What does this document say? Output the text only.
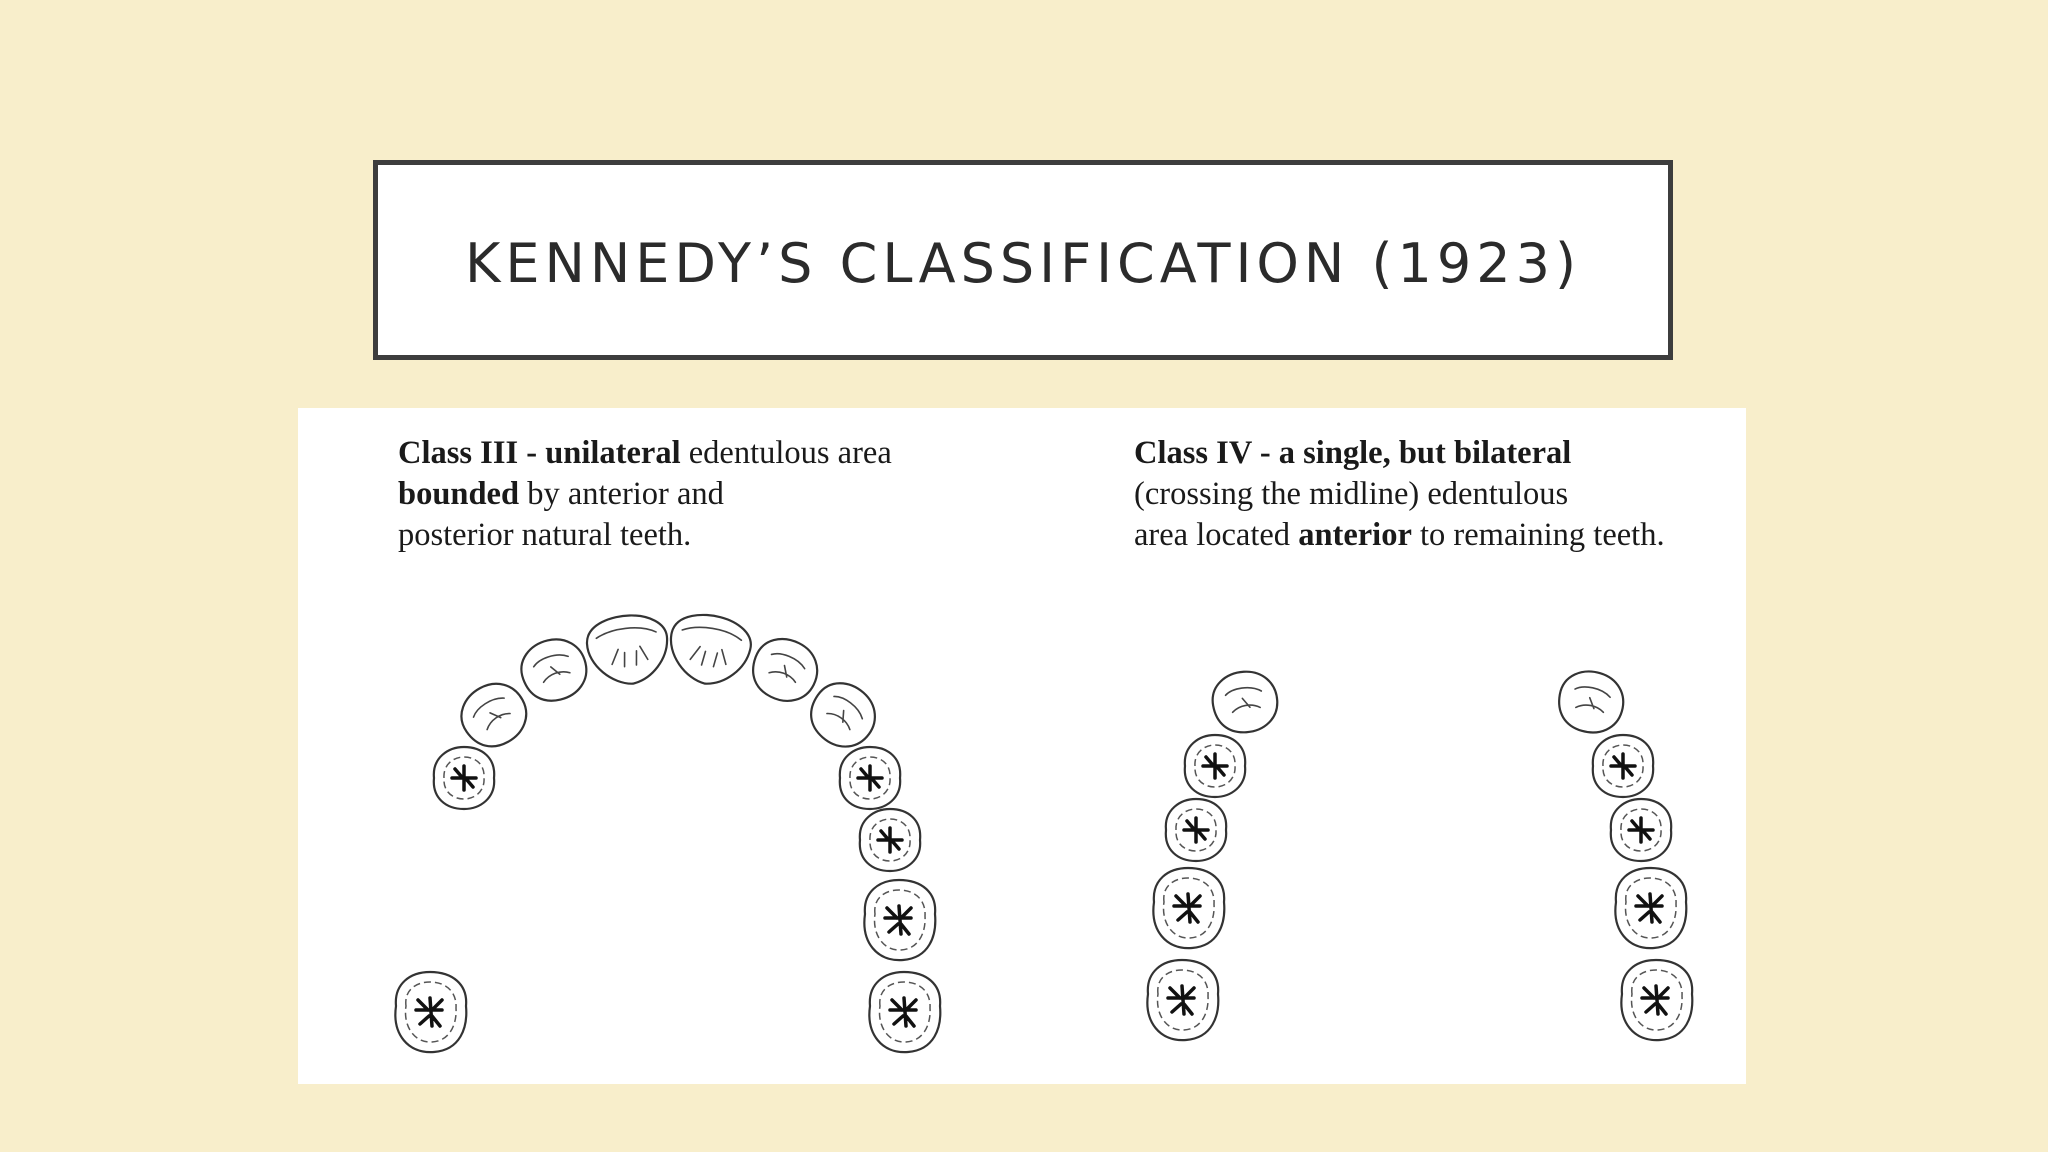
KENNEDY’S CLASSIFICATION (1923)
Class III - unilateral edentulous area
bounded by anterior and
posterior natural teeth.
Class IV - a single, but bilateral
(crossing the midline) edentulous
area located anterior to remaining teeth.
